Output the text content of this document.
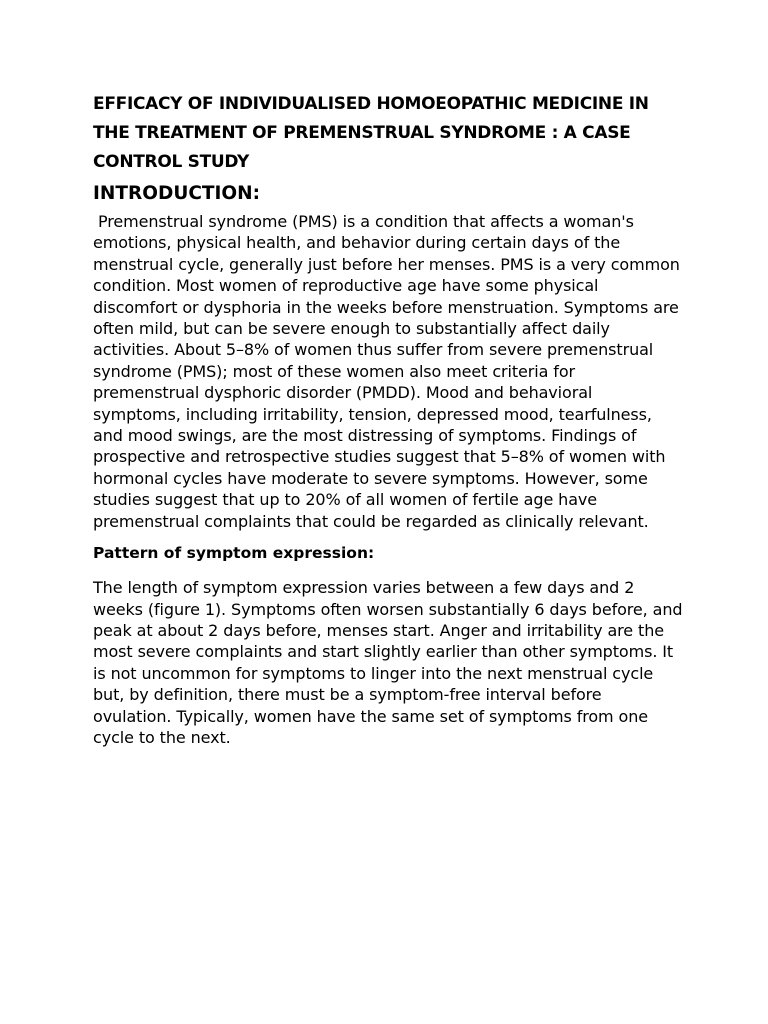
EFFICACY OF INDIVIDUALISED HOMOEOPATHIC MEDICINE IN THE TREATMENT OF PREMENSTRUAL SYNDROME : A CASE CONTROL STUDY
INTRODUCTION:

Premenstrual syndrome (PMS) is a condition that affects a woman's emotions, physical health, and behavior during certain days of the menstrual cycle, generally just before her menses. PMS is a very common condition. Most women of reproductive age have some physical discomfort or dysphoria in the weeks before menstruation. Symptoms are often mild, but can be severe enough to substantially affect daily activities. About 5–8% of women thus suffer from severe premenstrual syndrome (PMS); most of these women also meet criteria for premenstrual dysphoric disorder (PMDD). Mood and behavioral symptoms, including irritability, tension, depressed mood, tearfulness, and mood swings, are the most distressing of symptoms. Findings of prospective and retrospective studies suggest that 5–8% of women with hormonal cycles have moderate to severe symptoms. However, some studies suggest that up to 20% of all women of fertile age have premenstrual complaints that could be regarded as clinically relevant.

Pattern of symptom expression:

The length of symptom expression varies between a few days and 2 weeks (figure 1). Symptoms often worsen substantially 6 days before, and peak at about 2 days before, menses start. Anger and irritability are the most severe complaints and start slightly earlier than other symptoms. It is not uncommon for symptoms to linger into the next menstrual cycle but, by definition, there must be a symptom-free interval before ovulation. Typically, women have the same set of symptoms from one cycle to the next.
